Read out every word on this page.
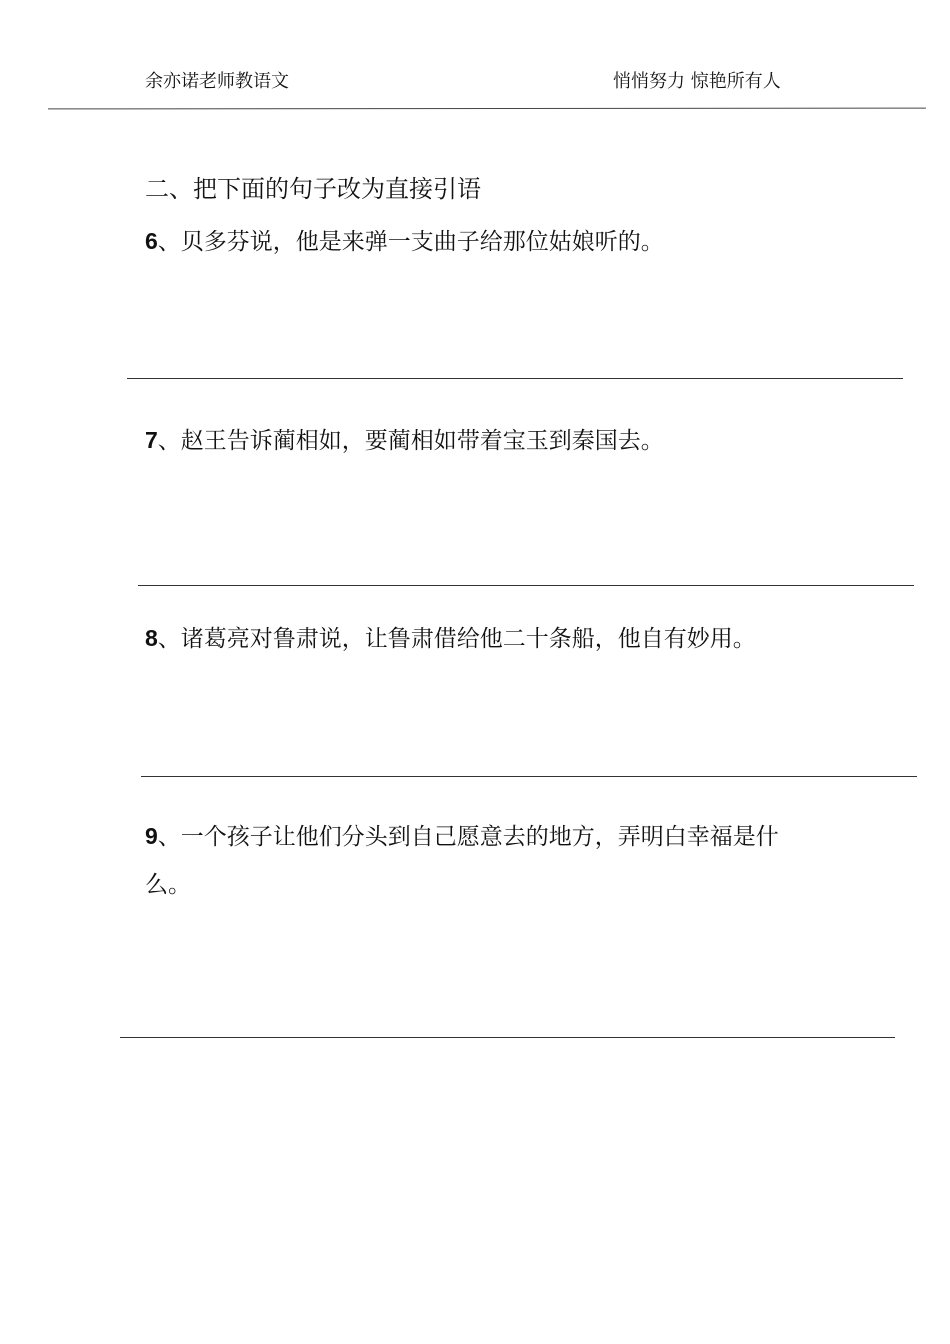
余亦诺老师教语文	悄悄努力 惊艳所有人
二、把下面的句子改为直接引语
6、贝多芬说，他是来弹一支曲子给那位姑娘听的。
7、赵王告诉蔺相如，要蔺相如带着宝玉到秦国去。
8、诸葛亮对鲁肃说，让鲁肃借给他二十条船，他自有妙用。
9、一个孩子让他们分头到自己愿意去的地方，弄明白幸福是什么。
